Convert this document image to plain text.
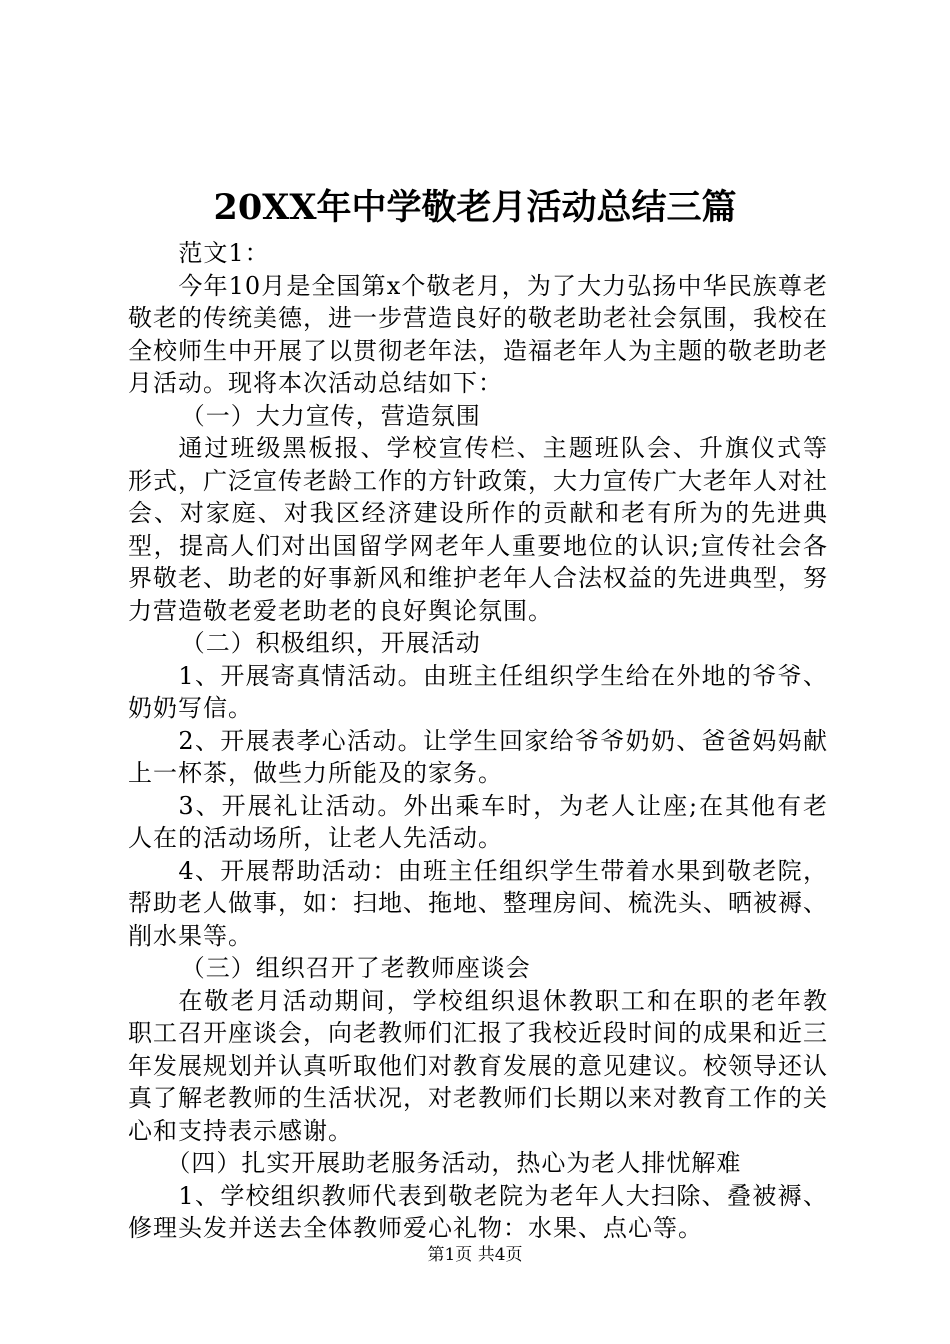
20XX年中学敬老月活动总结三篇

范文1：

今年10月是全国第x个敬老月，为了大力弘扬中华民族尊老敬老的传统美德，进一步营造良好的敬老助老社会氛围，我校在全校师生中开展了以贯彻老年法，造福老年人为主题的敬老助老月活动。现将本次活动总结如下：

（一）大力宣传，营造氛围

通过班级黑板报、学校宣传栏、主题班队会、升旗仪式等形式，广泛宣传老龄工作的方针政策，大力宣传广大老年人对社会、对家庭、对我区经济建设所作的贡献和老有所为的先进典型，提高人们对出国留学网老年人重要地位的认识;宣传社会各界敬老、助老的好事新风和维护老年人合法权益的先进典型，努力营造敬老爱老助老的良好舆论氛围。

（二）积极组织，开展活动

1、开展寄真情活动。由班主任组织学生给在外地的爷爷、奶奶写信。

2、开展表孝心活动。让学生回家给爷爷奶奶、爸爸妈妈献上一杯茶，做些力所能及的家务。

3、开展礼让活动。外出乘车时，为老人让座;在其他有老人在的活动场所，让老人先活动。

4、开展帮助活动：由班主任组织学生带着水果到敬老院，帮助老人做事，如：扫地、拖地、整理房间、梳洗头、晒被褥、削水果等。

（三）组织召开了老教师座谈会

在敬老月活动期间，学校组织退休教职工和在职的老年教职工召开座谈会，向老教师们汇报了我校近段时间的成果和近三年发展规划并认真听取他们对教育发展的意见建议。校领导还认真了解老教师的生活状况，对老教师们长期以来对教育工作的关心和支持表示感谢。

（四）扎实开展助老服务活动，热心为老人排忧解难

1、学校组织教师代表到敬老院为老年人大扫除、叠被褥、修理头发并送去全体教师爱心礼物：水果、点心等。

第1页 共4页
